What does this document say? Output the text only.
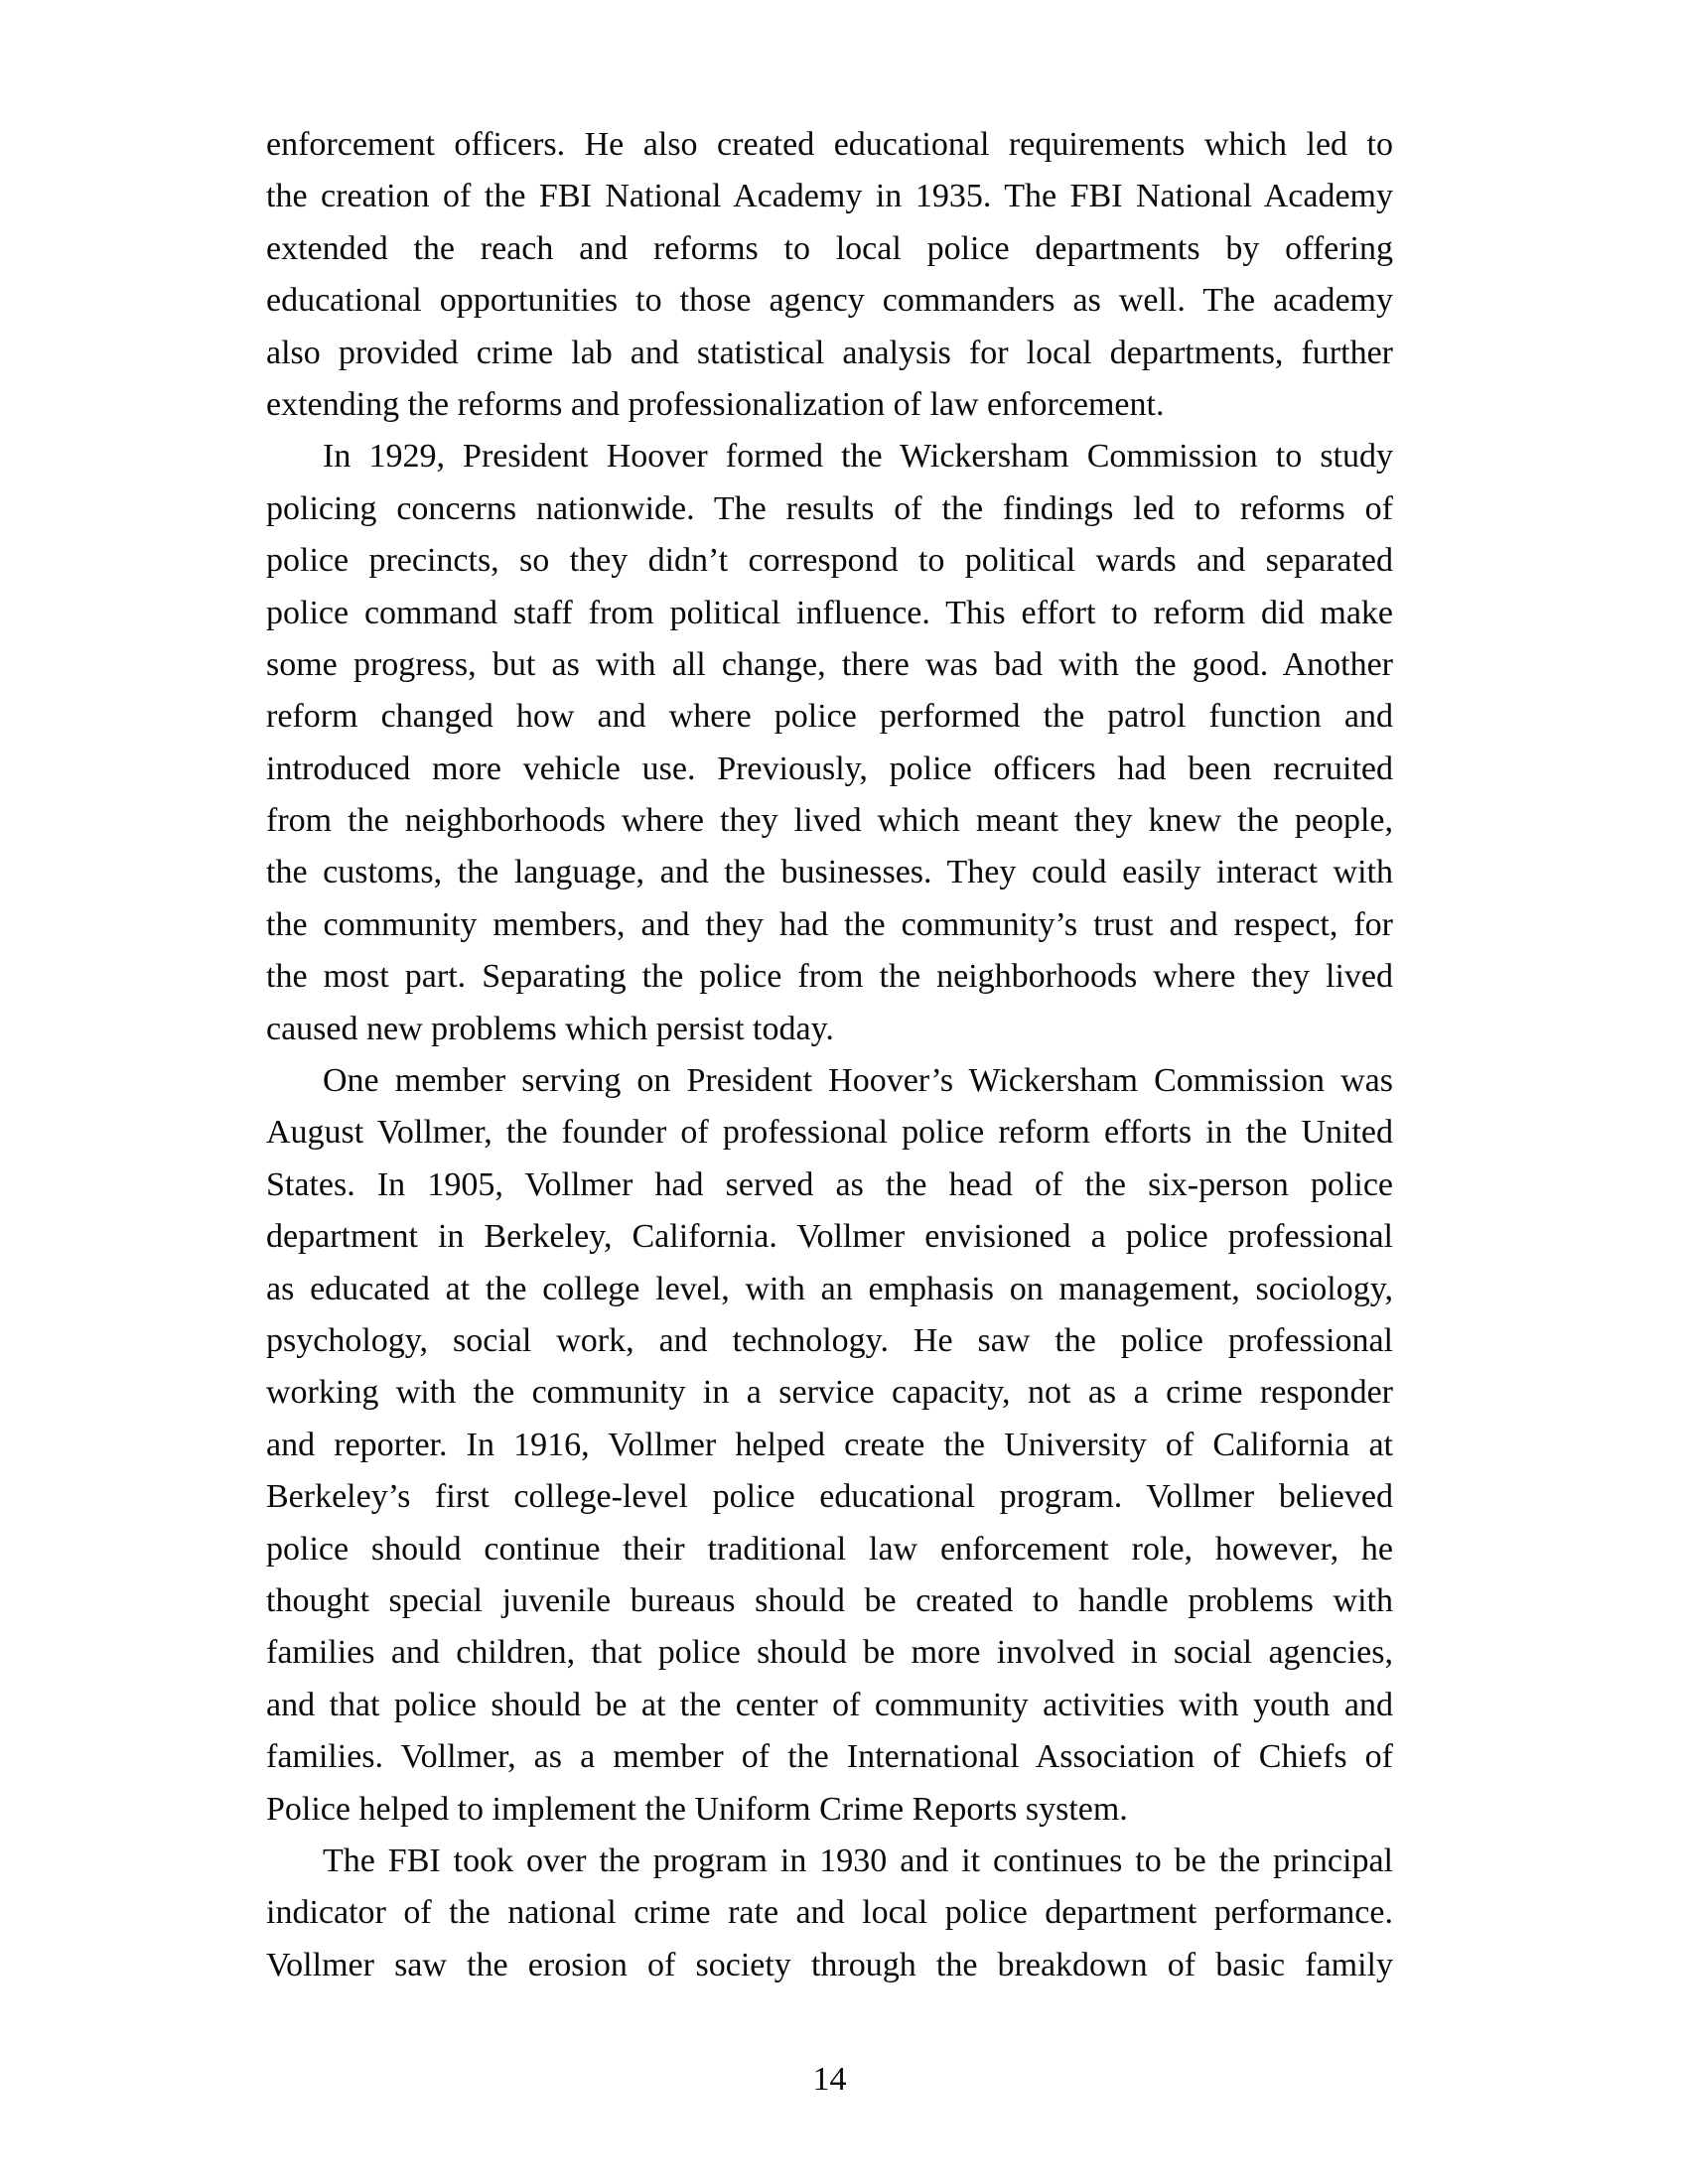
enforcement officers. He also created educational requirements which led to
the creation of the FBI National Academy in 1935. The FBI National Academy
extended the reach and reforms to local police departments by offering
educational opportunities to those agency commanders as well. The academy
also provided crime lab and statistical analysis for local departments, further
extending the reforms and professionalization of law enforcement.
In 1929, President Hoover formed the Wickersham Commission to study
policing concerns nationwide. The results of the findings led to reforms of
police precincts, so they didn’t correspond to political wards and separated
police command staff from political influence. This effort to reform did make
some progress, but as with all change, there was bad with the good. Another
reform changed how and where police performed the patrol function and
introduced more vehicle use. Previously, police officers had been recruited
from the neighborhoods where they lived which meant they knew the people,
the customs, the language, and the businesses. They could easily interact with
the community members, and they had the community’s trust and respect, for
the most part. Separating the police from the neighborhoods where they lived
caused new problems which persist today.
One member serving on President Hoover’s Wickersham Commission was
August Vollmer, the founder of professional police reform efforts in the United
States. In 1905, Vollmer had served as the head of the six-person police
department in Berkeley, California. Vollmer envisioned a police professional
as educated at the college level, with an emphasis on management, sociology,
psychology, social work, and technology. He saw the police professional
working with the community in a service capacity, not as a crime responder
and reporter. In 1916, Vollmer helped create the University of California at
Berkeley’s first college-level police educational program. Vollmer believed
police should continue their traditional law enforcement role, however, he
thought special juvenile bureaus should be created to handle problems with
families and children, that police should be more involved in social agencies,
and that police should be at the center of community activities with youth and
families. Vollmer, as a member of the International Association of Chiefs of
Police helped to implement the Uniform Crime Reports system.
The FBI took over the program in 1930 and it continues to be the principal
indicator of the national crime rate and local police department performance.
Vollmer saw the erosion of society through the breakdown of basic family
14
